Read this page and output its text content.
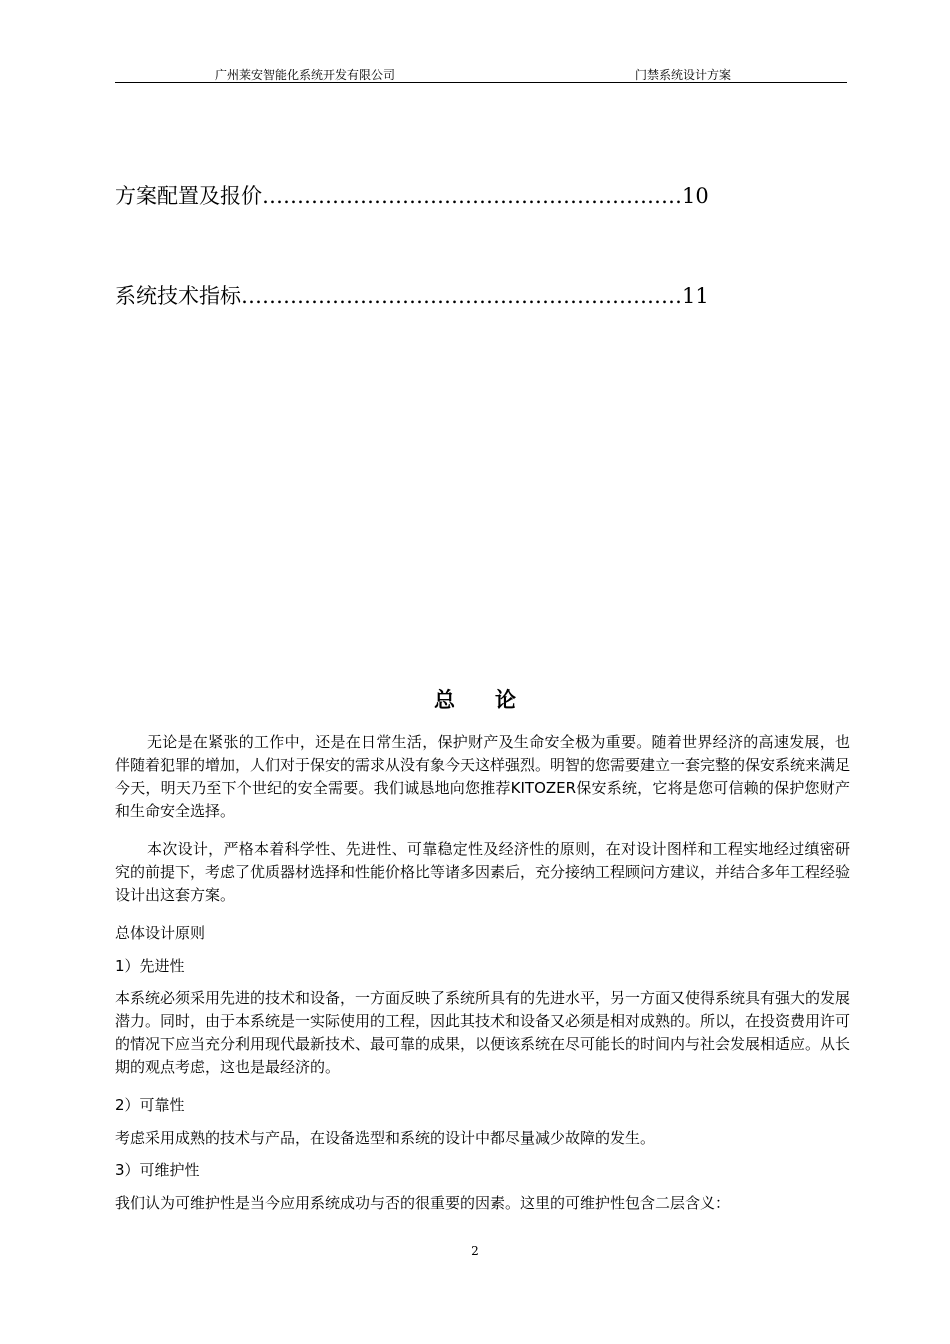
广州莱安智能化系统开发有限公司	门禁系统设计方案
方案配置及报价……………………………………………………10
系统技术指标………………………………………………………11
总论
无论是在紧张的工作中，还是在日常生活，保护财产及生命安全极为重要。随着世界经济的高速发展，也伴随着犯罪的增加，人们对于保安的需求从没有象今天这样强烈。明智的您需要建立一套完整的保安系统来满足今天，明天乃至下个世纪的安全需要。我们诚恳地向您推荐KITOZER保安系统，它将是您可信赖的保护您财产和生命安全选择。
本次设计，严格本着科学性、先进性、可靠稳定性及经济性的原则，在对设计图样和工程实地经过缜密研究的前提下，考虑了优质器材选择和性能价格比等诸多因素后，充分接纳工程顾问方建议，并结合多年工程经验设计出这套方案。
总体设计原则
1）先进性
本系统必须采用先进的技术和设备，一方面反映了系统所具有的先进水平，另一方面又使得系统具有强大的发展潜力。同时，由于本系统是一实际使用的工程，因此其技术和设备又必须是相对成熟的。所以，在投资费用许可的情况下应当充分利用现代最新技术、最可靠的成果，以便该系统在尽可能长的时间内与社会发展相适应。从长期的观点考虑，这也是最经济的。
2）可靠性
考虑采用成熟的技术与产品，在设备选型和系统的设计中都尽量减少故障的发生。
3）可维护性
我们认为可维护性是当今应用系统成功与否的很重要的因素。这里的可维护性包含二层含义：
2
